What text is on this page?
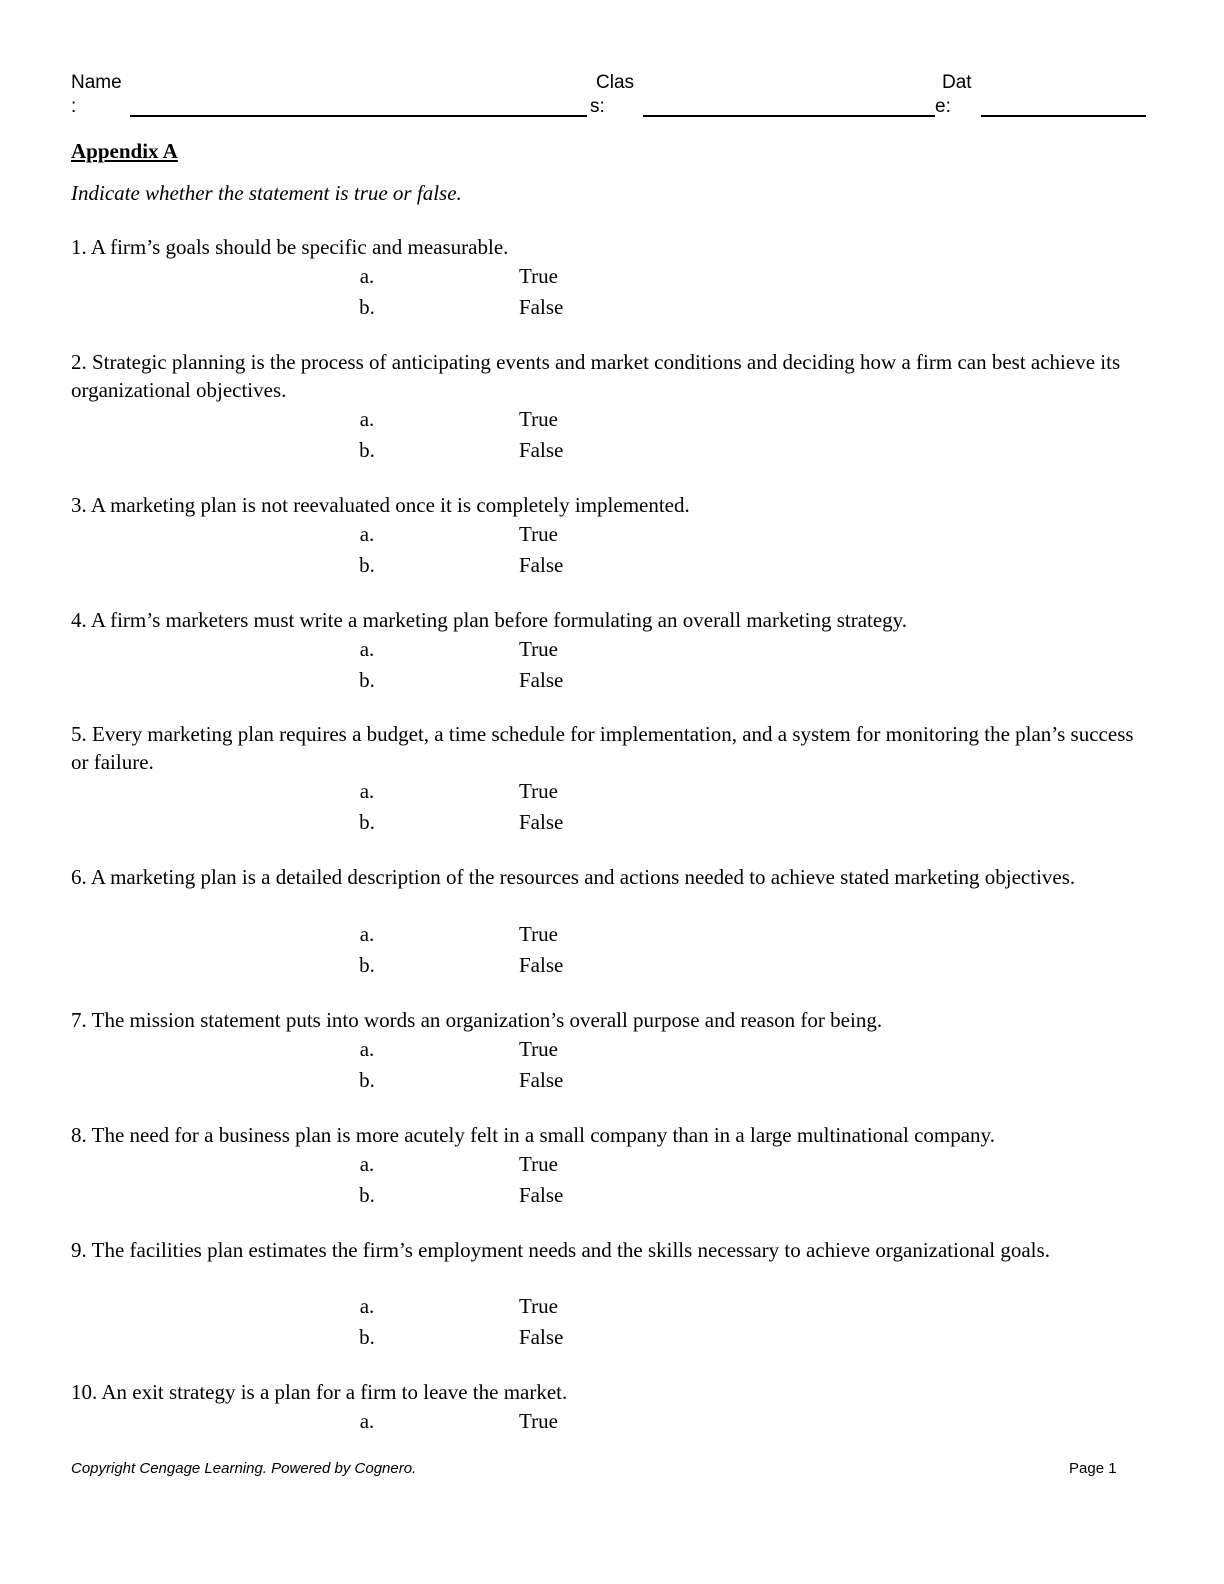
Name
:
Clas
s:
Dat
e:
Appendix A
Indicate whether the statement is true or false.
1. A firm’s goals should be specific and measurable.
a.	True
b.	False
2. Strategic planning is the process of anticipating events and market conditions and deciding how a firm can best achieve its organizational objectives.
a.	True
b.	False
3. A marketing plan is not reevaluated once it is completely implemented.
a.	True
b.	False
4. A firm’s marketers must write a marketing plan before formulating an overall marketing strategy.
a.	True
b.	False
5. Every marketing plan requires a budget, a time schedule for implementation, and a system for monitoring the plan’s success or failure.
a.	True
b.	False
6. A marketing plan is a detailed description of the resources and actions needed to achieve stated marketing objectives.
a.	True
b.	False
7. The mission statement puts into words an organization’s overall purpose and reason for being.
a.	True
b.	False
8. The need for a business plan is more acutely felt in a small company than in a large multinational company.
a.	True
b.	False
9. The facilities plan estimates the firm’s employment needs and the skills necessary to achieve organizational goals.
a.	True
b.	False
10. An exit strategy is a plan for a firm to leave the market.
a.	True
Copyright Cengage Learning. Powered by Cognero.	Page 1
